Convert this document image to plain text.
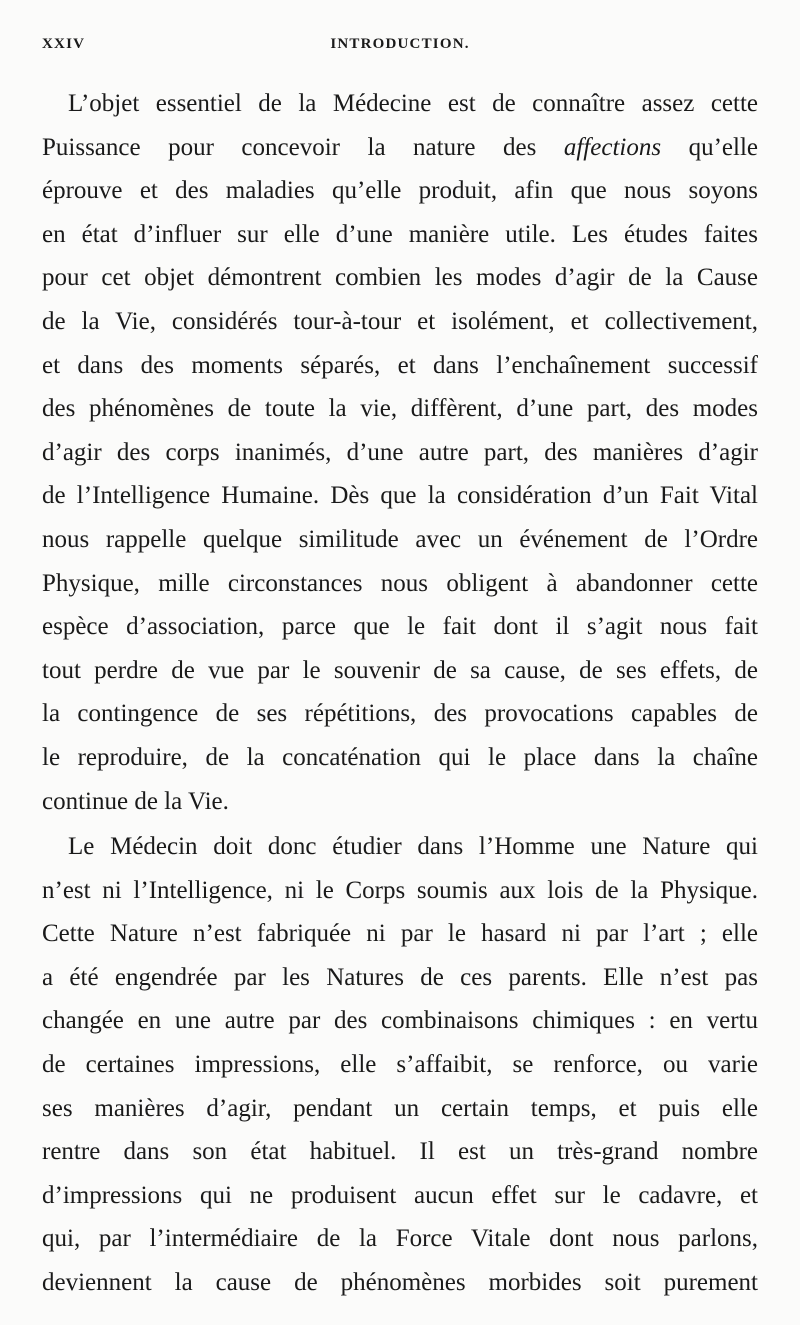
XXIV	INTRODUCTION.

L’objet essentiel de la Médecine est de connaître assez cette
Puissance pour concevoir la nature des affections qu’elle
éprouve et des maladies qu’elle produit, afin que nous soyons
en état d’influer sur elle d’une manière utile. Les études faites
pour cet objet démontrent combien les modes d’agir de la Cause
de la Vie, considérés tour-à-tour et isolément, et collectivement,
et dans des moments séparés, et dans l’enchaînement successif
des phénomènes de toute la vie, diffèrent, d’une part, des modes
d’agir des corps inanimés, d’une autre part, des manières d’agir
de l’Intelligence Humaine. Dès que la considération d’un Fait Vital
nous rappelle quelque similitude avec un événement de l’Ordre
Physique, mille circonstances nous obligent à abandonner cette
espèce d’association, parce que le fait dont il s’agit nous fait
tout perdre de vue par le souvenir de sa cause, de ses effets, de
la contingence de ses répétitions, des provocations capables de
le reproduire, de la concaténation qui le place dans la chaîne
continue de la Vie.

Le Médecin doit donc étudier dans l’Homme une Nature qui
n’est ni l’Intelligence, ni le Corps soumis aux lois de la Physique.
Cette Nature n’est fabriquée ni par le hasard ni par l’art ; elle
a été engendrée par les Natures de ces parents. Elle n’est pas
changée en une autre par des combinaisons chimiques : en vertu
de certaines impressions, elle s’affaibit, se renforce, ou varie
ses manières d’agir, pendant un certain temps, et puis elle
rentre dans son état habituel. Il est un très-grand nombre
d’impressions qui ne produisent aucun effet sur le cadavre, et
qui, par l’intermédiaire de la Force Vitale dont nous parlons,
deviennent la cause de phénomènes morbides soit purement
